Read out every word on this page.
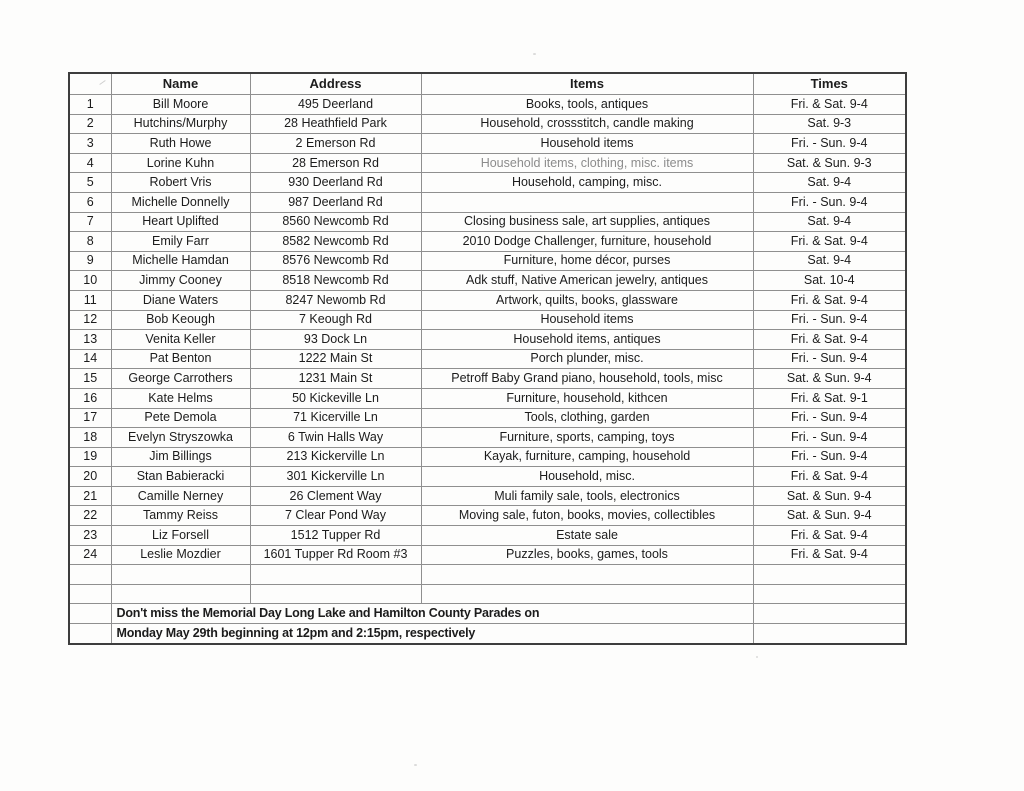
	Name	Address	Items	Times
1	Bill Moore	495 Deerland	Books, tools, antiques	Fri. & Sat. 9-4
2	Hutchins/Murphy	28 Heathfield Park	Household, crossstitch, candle making	Sat. 9-3
3	Ruth Howe	2 Emerson Rd	Household items	Fri. - Sun. 9-4
4	Lorine Kuhn	28 Emerson Rd	Household items, clothing, misc. items	Sat. & Sun. 9-3
5	Robert Vris	930 Deerland Rd	Household, camping, misc.	Sat. 9-4
6	Michelle Donnelly	987 Deerland Rd		Fri. - Sun. 9-4
7	Heart Uplifted	8560 Newcomb Rd	Closing business sale, art supplies, antiques	Sat. 9-4
8	Emily Farr	8582 Newcomb Rd	2010 Dodge Challenger, furniture, household	Fri. & Sat. 9-4
9	Michelle Hamdan	8576 Newcomb Rd	Furniture, home décor, purses	Sat. 9-4
10	Jimmy Cooney	8518 Newcomb Rd	Adk stuff, Native American jewelry, antiques	Sat. 10-4
11	Diane Waters	8247 Newomb Rd	Artwork, quilts, books, glassware	Fri. & Sat. 9-4
12	Bob Keough	7 Keough Rd	Household items	Fri. - Sun. 9-4
13	Venita Keller	93 Dock Ln	Household items, antiques	Fri. & Sat. 9-4
14	Pat Benton	1222 Main St	Porch plunder, misc.	Fri. - Sun. 9-4
15	George Carrothers	1231 Main St	Petroff Baby Grand piano, household, tools, misc	Sat. & Sun. 9-4
16	Kate Helms	50 Kickeville Ln	Furniture, household, kithcen	Fri. & Sat. 9-1
17	Pete Demola	71 Kicerville Ln	Tools, clothing, garden	Fri. - Sun. 9-4
18	Evelyn Stryszowka	6 Twin Halls Way	Furniture, sports, camping, toys	Fri. - Sun. 9-4
19	Jim Billings	213 Kickerville Ln	Kayak, furniture, camping, household	Fri. - Sun. 9-4
20	Stan Babieracki	301 Kickerville Ln	Household, misc.	Fri. & Sat. 9-4
21	Camille Nerney	26 Clement Way	Muli family sale, tools, electronics	Sat. & Sun. 9-4
22	Tammy Reiss	7 Clear Pond Way	Moving sale, futon, books, movies, collectibles	Sat. & Sun. 9-4
23	Liz Forsell	1512 Tupper Rd	Estate sale	Fri. & Sat. 9-4
24	Leslie Mozdier	1601 Tupper Rd Room #3	Puzzles, books, games, tools	Fri. & Sat. 9-4

	Don't miss the Memorial Day Long Lake and Hamilton County Parades on			
	Monday May 29th beginning at 12pm and 2:15pm, respectively			
